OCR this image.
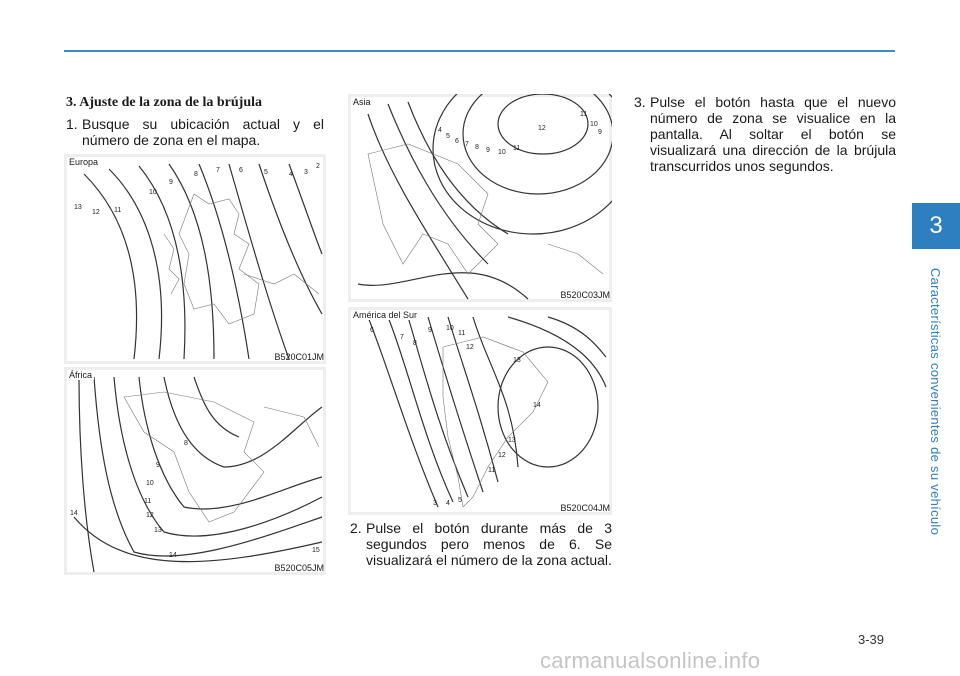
3. Ajuste de la zona de la brújula
1. Busque su ubicación actual y el número de zona en el mapa.
2. Pulse el botón durante más de 3 segundos pero menos de 6. Se visualizará el número de la zona actual.
3. Pulse el botón hasta que el nuevo número de zona se visualice en la pantalla. Al soltar el botón se visualizará una dirección de la brújula transcurridos unos segundos.
13
12 11
10
9
8
7	6	5	4 3
2
Europa
B520C01JM
8
9
10
11
12
13
14
14
15
África
B520C05JM
4
5
6 7 8 9 10
11
12
11
10
9
Asia
B520C03JM
6
7
8
9 10
11
12
13
14
13
12
11
5
4
3
América del Sur
B520C04JM
3
Características convenientes de su vehículo
3-39
carmanualsonline.info
